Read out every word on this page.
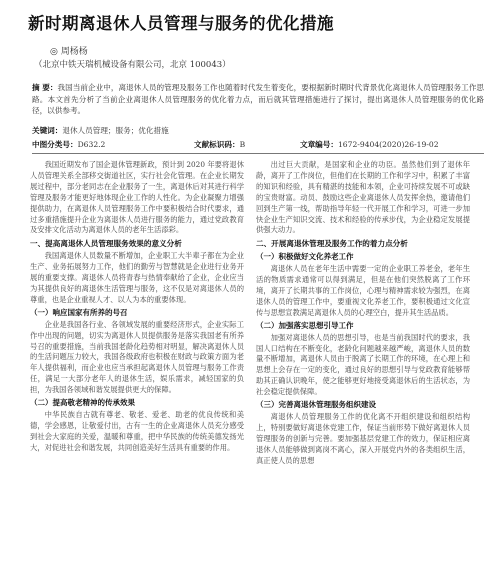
新时期离退休人员管理与服务的优化措施
◎ 周杨杨
（北京中铁天瑞机械设备有限公司，北京 100043）
摘 要：我国当前企业中，离退休人员的管理及服务工作也随着时代发生着变化，要根据新时期时代背景优化离退休人员管理服务工作思路。本文首先分析了当前企业离退休人员管理服务的优化着力点，而后就其管理措施进行了探讨，提出离退休人员管理服务的优化路径，以供参考。
关键词：退休人员管理；服务；优化措施
中图分类号：D632.2	文献标识码：B	文章编号：1672-9404(2020)26-19-02

我国近期发布了国企退休管理新政，预计到 2020 年要将退休人员管理关系全部移交街道社区，实行社会化管理。在企业长期发展过程中，部分老同志在企业服务了一生，离退休后对其进行科学管理及服务才能更好地体现企业工作的人性化。为企业凝聚力增强提供助力，在离退休人员管理服务工作中要积极结合时代要求，通过多重措施提升企业为离退休人员进行服务的能力，通过党政教育及安排文化活动为离退休人员的老年生活添彩。

一、提高离退休人员管理服务效果的意义分析

我国离退休人员数量不断增加，企业职工大半辈子都在为企业生产、业务拓展努力工作，他们的勤劳与智慧就是企业进行业务开展的重要支撑。离退休人员将青春与热情奉献给了企业，企业应当为其提供良好的离退休生活管理与服务，这不仅是对离退休人员的尊重，也是企业重视人才、以人为本的重要体现。

（一）响应国家有所养的号召

企业是我国各行业、各领域发展的重要经济形式，企业实际工作中出现的问题，切实为离退休人员提供服务是落实我国老有所养号召的重要措施，当前我国老龄化趋势相对明显，解决离退休人员的生活问题压力较大，我国各级政府也积极在财政与政策方面为老年人提供福利，而企业也应当承担起离退休人员管理与服务工作责任，满足一大部分老年人的退休生活，娱乐需求，减轻国家的负担，为我国各领域和谐发展提供更大的保障。

（二）提高敬老精神的传承效果

中华民族自古就有尊老、敬老、爱老、助老的优良传统和美德，学会感恩，让敬爱付出，古有一生的企业离退休人员充分感受到社会大家庭的关爱，温暖和尊重，把中华民族的传统美德发扬光大，对促进社会和谐发展，共同创造美好生活具有重要的作用。

出过巨大贡献，是国家和企业的功臣。虽然他们到了退休年龄，离开了工作岗位，但他们在长期的工作和学习中，积累了丰富的知识和经验，具有精湛的技能和本领，企业可持续发展不可或缺的宝贵财富。动员、鼓励这些企业离退休人员发挥余热，邀请他们回到生产第一线，帮助指导年轻一代开展工作和学习，可进一步加快企业生产知识交流、技术和经验的传承步伐，为企业稳定发展提供强大动力。

二、开展离退休管理及服务工作的着力点分析
（一）积极做好文化养老工作

离退休人员在老年生活中需要一定的企业职工养老金，老年生活的物质需求通常可以得到满足，但是在他们突然脱离了工作环境，离开了长期共事的工作岗位，心理与精神需求较为强烈，在离退休人员的管理工作中，要重视文化养老工作，要积极通过文化宣传与思想宣教满足离退休人员的心理空白，提升其生活品质。

（二）加强落实思想引导工作

加强对离退休人员的思想引导，也是当前我国时代的要求，我国人口结构在不断变化，老龄化问题越来越严峻，离退休人员的数量不断增加，离退休人员由于脱离了长期工作的环境，在心理上和思想上会存在一定的变化，通过良好的思想引导与党政教育能够帮助其正确认识晚年，使之能够更好地接受离退休后的生活状态，为社会稳定提供保障。

（三）完善离退休管理服务组织建设

离退休人员管理服务工作的优化离不开组织建设和组织结构上，特别要做好离退休党建工作，保证当前形势下做好离退休人员管理服务的创新与完善。要加强基层党建工作的效力，保证相应离退休人员能够做到离岗不离心，深入开展党内外的各类组织生活，真正使人员的思想
